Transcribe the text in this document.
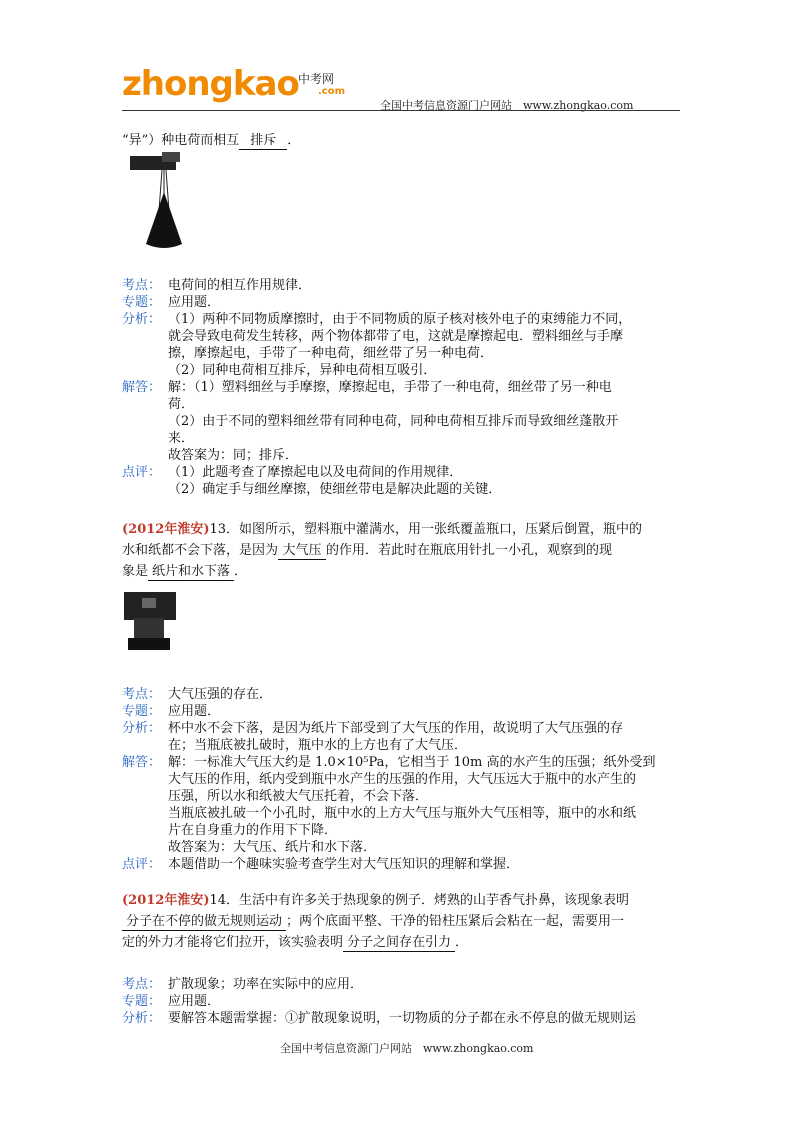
zhongkao 中考网
.com
全国中考信息资源门户网站　www.zhongkao.com
“异”）种电荷而相互 排斥 ．
考点： 电荷间的相互作用规律．
专题： 应用题．
分析： （1）两种不同物质摩擦时，由于不同物质的原子核对核外电子的束缚能力不同，
就会导致电荷发生转移，两个物体都带了电，这就是摩擦起电．塑料细丝与手摩
擦，摩擦起电，手带了一种电荷，细丝带了另一种电荷．
（2）同种电荷相互排斥，异种电荷相互吸引．
解答： 解：（1）塑料细丝与手摩擦，摩擦起电，手带了一种电荷，细丝带了另一种电
荷．
（2）由于不同的塑料细丝带有同种电荷，同种电荷相互排斥而导致细丝蓬散开
来．
故答案为：同；排斥．
点评： （1）此题考查了摩擦起电以及电荷间的作用规律．
（2）确定手与细丝摩擦，使细丝带电是解决此题的关键．
(2012年淮安)13．如图所示，塑料瓶中灌满水，用一张纸覆盖瓶口，压紧后倒置，瓶中的
水和纸都不会下落，是因为 大气压 的作用．若此时在瓶底用针扎一小孔，观察到的现
象是 纸片和水下落 ．
考点： 大气压强的存在．
专题： 应用题．
分析： 杯中水不会下落，是因为纸片下部受到了大气压的作用，故说明了大气压强的存
在；当瓶底被扎破时，瓶中水的上方也有了大气压．
解答： 解：一标准大气压大约是 1.0×10⁵Pa，它相当于 10m 高的水产生的压强；纸外受到
大气压的作用，纸内受到瓶中水产生的压强的作用，大气压远大于瓶中的水产生的
压强，所以水和纸被大气压托着，不会下落．
当瓶底被扎破一个小孔时，瓶中水的上方大气压与瓶外大气压相等，瓶中的水和纸
片在自身重力的作用下下降．
故答案为：大气压、纸片和水下落．
点评： 本题借助一个趣味实验考查学生对大气压知识的理解和掌握．
(2012年淮安)14．生活中有许多关于热现象的例子．烤熟的山芋香气扑鼻，该现象表明
分子在不停的做无规则运动 ；两个底面平整、干净的铅柱压紧后会粘在一起，需要用一
定的外力才能将它们拉开，该实验表明 分子之间存在引力 ．
考点： 扩散现象；功率在实际中的应用．
专题： 应用题．
分析： 要解答本题需掌握：①扩散现象说明，一切物质的分子都在永不停息的做无规则运
全国中考信息资源门户网站　www.zhongkao.com
